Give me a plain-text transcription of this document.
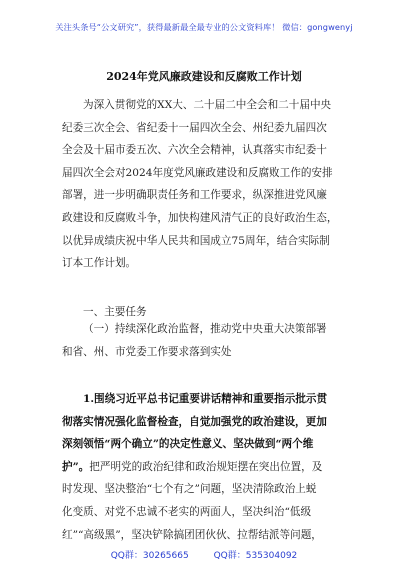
关注头条号“公文研究”，获得最新最全最专业的公文资料库！ 微信：gongwenyj
2024年党风廉政建设和反腐败工作计划
为深入贯彻党的XX大、二十届二中全会和二十届中央
纪委三次全会、省纪委十一届四次全会、州纪委九届四次
全会及十届市委五次、六次全会精神，认真落实市纪委十
届四次全会对2024年度党风廉政建设和反腐败工作的安排
部署，进一步明确职责任务和工作要求，纵深推进党风廉
政建设和反腐败斗争，加快构建风清气正的良好政治生态，
以优异成绩庆祝中华人民共和国成立75周年，结合实际制
订本工作计划。
一、主要任务
（一）持续深化政治监督，推动党中央重大决策部署
和省、州、市党委工作要求落到实处
1.围绕习近平总书记重要讲话精神和重要指示批示贯
彻落实情况强化监督检查，自觉加强党的政治建设，更加
深刻领悟“两个确立”的决定性意义、坚决做到“两个维
护”。把严明党的政治纪律和政治规矩摆在突出位置，及
时发现、坚决整治“七个有之”问题，坚决清除政治上蜕
化变质、对党不忠诚不老实的两面人，坚决纠治“低级
红”“高级黑”，坚决铲除搞团团伙伙、拉帮结派等问题，
QQ群：30265665	QQ群：535304092
